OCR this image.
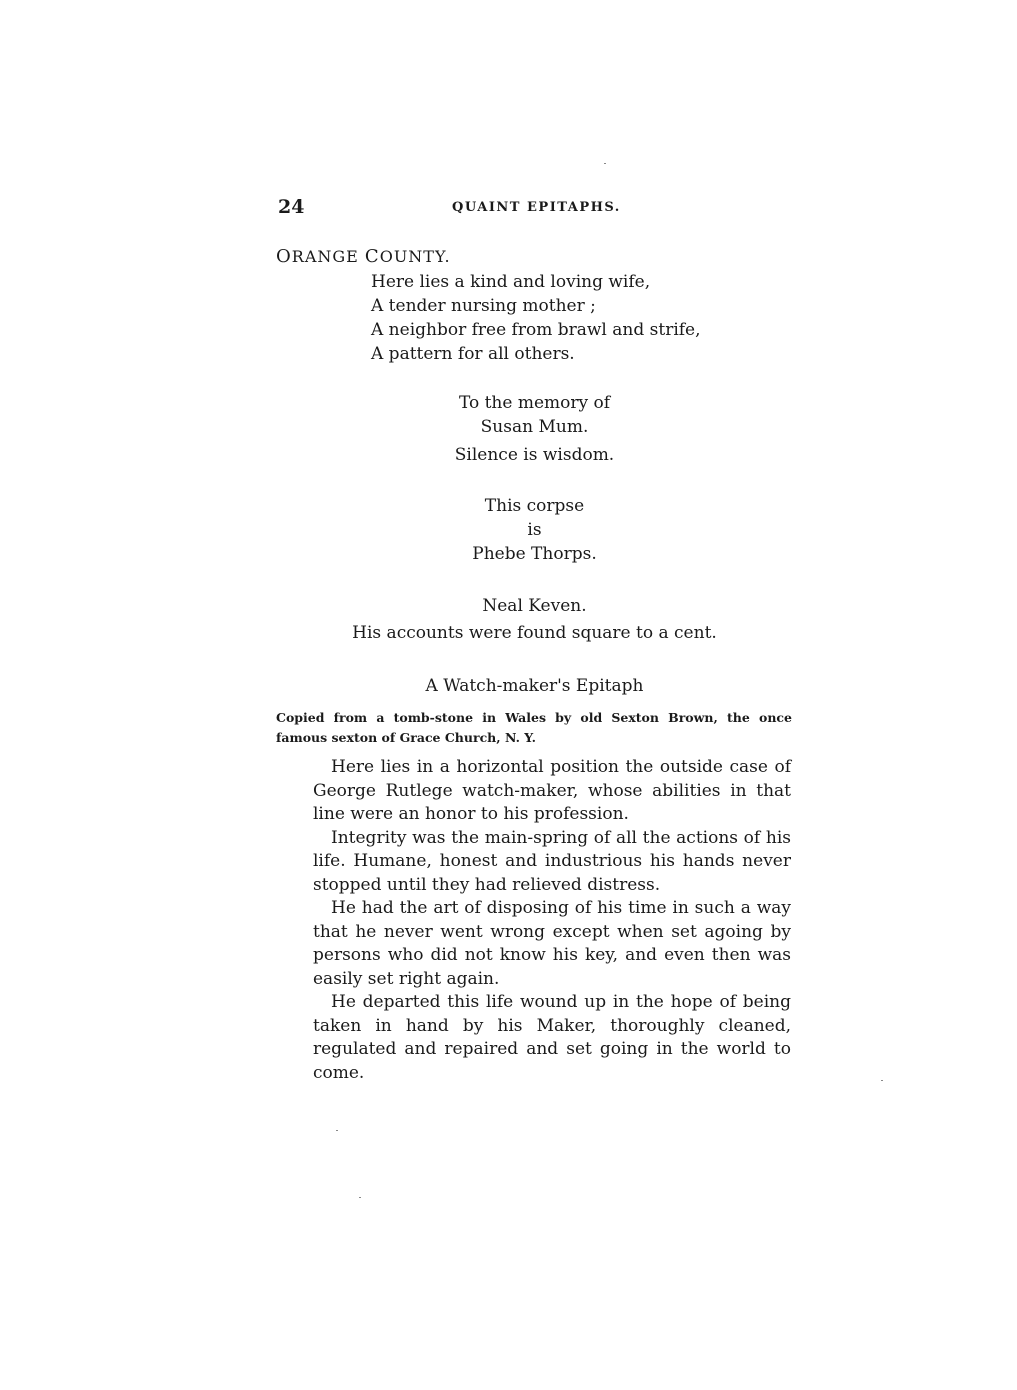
24	QUAINT EPITAPHS.
ORANGE COUNTY.
Here lies a kind and loving wife,
A tender nursing mother ;
A neighbor free from brawl and strife,
A pattern for all others.
To the memory of
Susan Mum.
Silence is wisdom.
This corpse
is
Phebe Thorps.
Neal Keven.
His accounts were found square to a cent.
A Watch-maker's Epitaph
Copied from a tomb-stone in Wales by old Sexton Brown, the once famous sexton of Grace Church, N. Y.

Here lies in a horizontal position the outside case of George Rutlege watch-maker, whose abilities in that line were an honor to his profession.

Integrity was the main-spring of all the actions of his life. Humane, honest and industrious his hands never stopped until they had relieved distress.

He had the art of disposing of his time in such a way that he never went wrong except when set agoing by persons who did not know his key, and even then was easily set right again.

He departed this life wound up in the hope of being taken in hand by his Maker, thoroughly cleaned, regulated and repaired and set going in the world to come.
